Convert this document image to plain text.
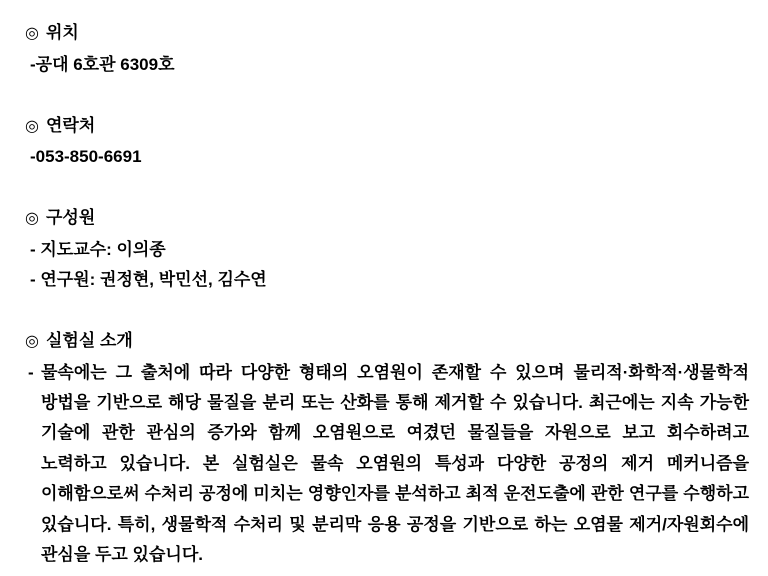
◎ 위치
-공대 6호관 6309호
◎ 연락처
-053-850-6691
◎ 구성원
- 지도교수: 이의종
- 연구원: 권정현, 박민선, 김수연
◎ 실험실 소개
- 물속에는 그 출처에 따라 다양한 형태의 오염원이 존재할 수 있으며 물리적·화학적·생물학적 방법을 기반으로 해당 물질을 분리 또는 산화를 통해 제거할 수 있습니다. 최근에는 지속 가능한 기술에 관한 관심의 증가와 함께 오염원으로 여겼던 물질들을 자원으로 보고 회수하려고 노력하고 있습니다. 본 실험실은 물속 오염원의 특성과 다양한 공정의 제거 메커니즘을 이해함으로써 수처리 공정에 미치는 영향인자를 분석하고 최적 운전도출에 관한 연구를 수행하고 있습니다. 특히, 생물학적 수처리 및 분리막 응용 공정을 기반으로 하는 오염물 제거/자원회수에 관심을 두고 있습니다.
